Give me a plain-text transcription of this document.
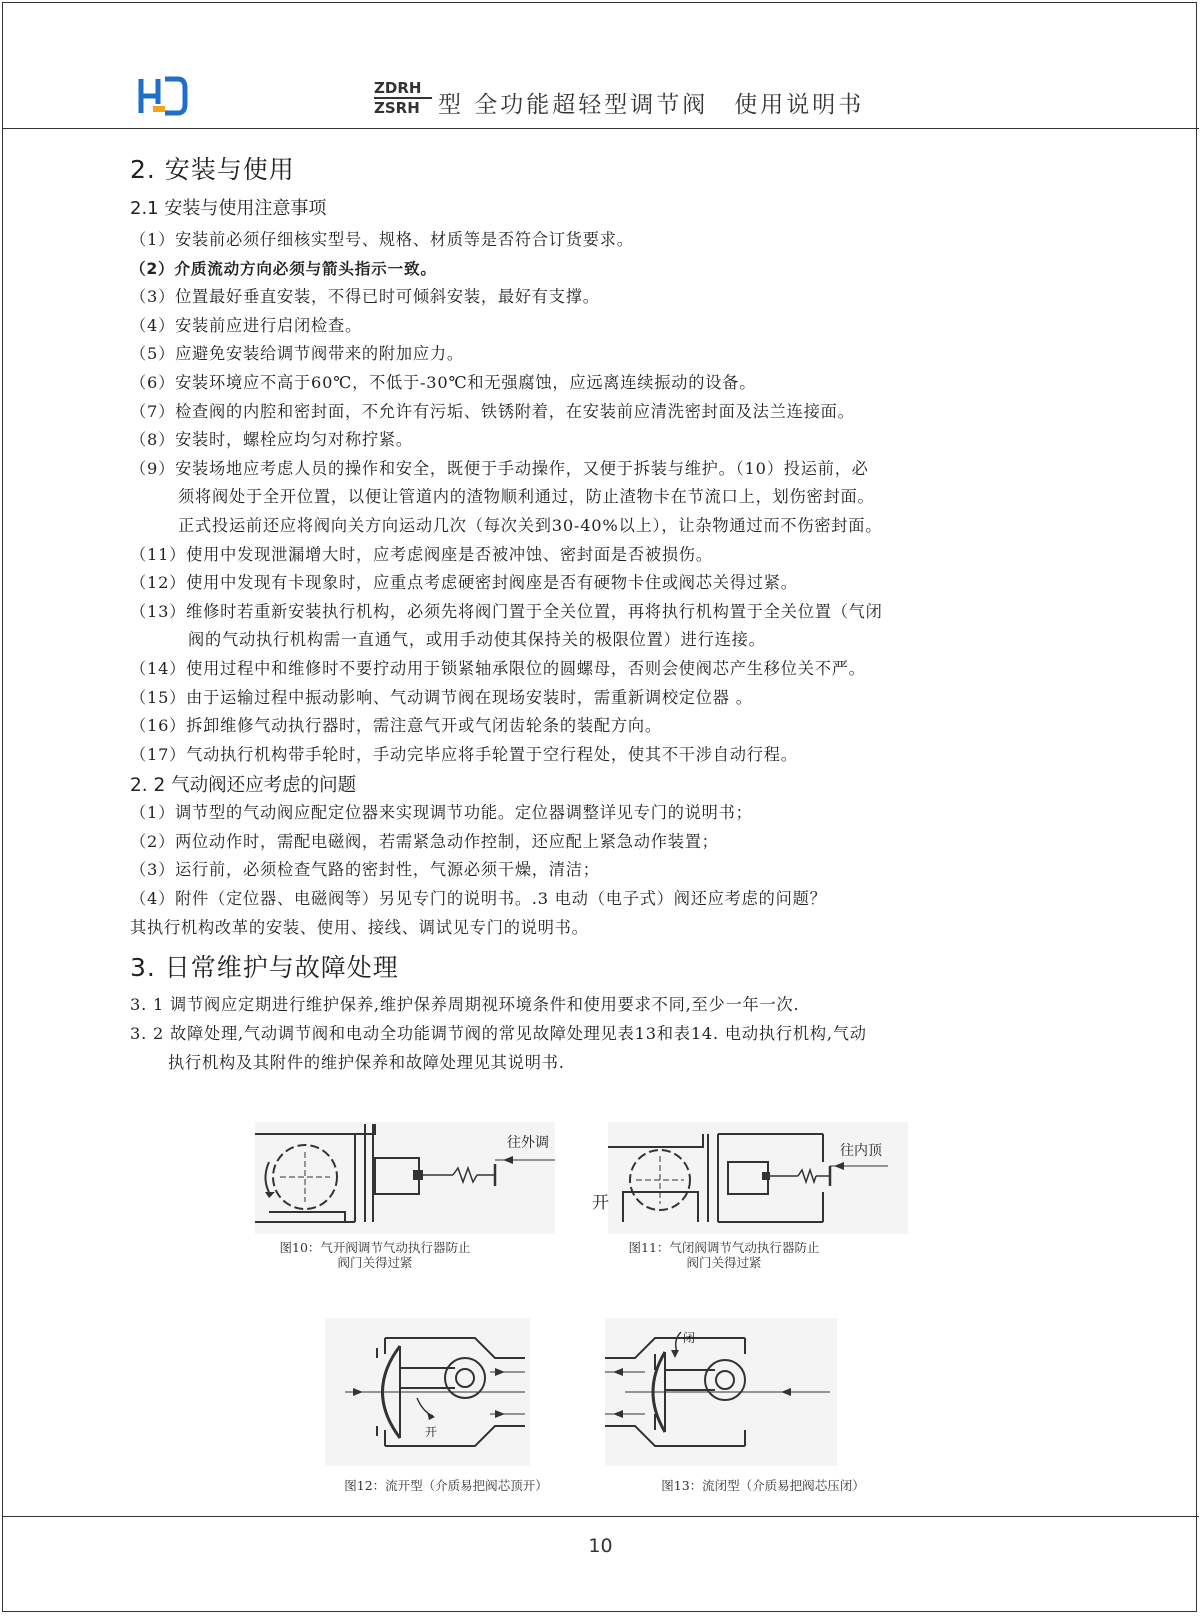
ZDRH
ZSRH 型 全功能超轻型调节阀　使用说明书

2. 安装与使用

2.1 安装与使用注意事项

（1）安装前必须仔细核实型号、规格、材质等是否符合订货要求。

（2）介质流动方向必须与箭头指示一致。

（3）位置最好垂直安装，不得已时可倾斜安装，最好有支撑。

（4）安装前应进行启闭检查。

（5）应避免安装给调节阀带来的附加应力。

（6）安装环境应不高于60℃，不低于-30℃和无强腐蚀，应远离连续振动的设备。

（7）检查阀的内腔和密封面，不允许有污垢、铁锈附着，在安装前应清洗密封面及法兰连接面。

（8）安装时，螺栓应均匀对称拧紧。

（9）安装场地应考虑人员的操作和安全，既便于手动操作，又便于拆装与维护。（10）投运前，必

须将阀处于全开位置，以便让管道内的渣物顺利通过，防止渣物卡在节流口上，划伤密封面。

正式投运前还应将阀向关方向运动几次（每次关到30-40%以上），让杂物通过而不伤密封面。

（11）使用中发现泄漏增大时，应考虑阀座是否被冲蚀、密封面是否被损伤。

（12）使用中发现有卡现象时，应重点考虑硬密封阀座是否有硬物卡住或阀芯关得过紧。

（13）维修时若重新安装执行机构，必须先将阀门置于全关位置，再将执行机构置于全关位置（气闭

阀的气动执行机构需一直通气，或用手动使其保持关的极限位置）进行连接。

（14）使用过程中和维修时不要拧动用于锁紧轴承限位的圆螺母，否则会使阀芯产生移位关不严。

（15）由于运输过程中振动影响、气动调节阀在现场安装时，需重新调校定位器 。

（16）拆卸维修气动执行器时，需注意气开或气闭齿轮条的装配方向。

（17）气动执行机构带手轮时，手动完毕应将手轮置于空行程处，使其不干涉自动行程。

2. 2 气动阀还应考虑的问题

（1）调节型的气动阀应配定位器来实现调节功能。定位器调整详见专门的说明书；

（2）两位动作时，需配电磁阀，若需紧急动作控制，还应配上紧急动作装置；

（3）运行前，必须检查气路的密封性，气源必须干燥，清洁；

（4）附件（定位器、电磁阀等）另见专门的说明书。.3 电动（电子式）阀还应考虑的问题？

其执行机构改革的安装、使用、接线、调试见专门的说明书。

3. 日常维护与故障处理

3. 1 调节阀应定期进行维护保养,维护保养周期视环境条件和使用要求不同,至少一年一次.

3. 2 故障处理,气动调节阀和电动全功能调节阀的常见故障处理见表13和表14. 电动执行机构,气动

执行机构及其附件的维护保养和故障处理见其说明书.

往外调
图10：气开阀调节气动执行器防止
阀门关得过紧
往内顶
开
图11：气闭阀调节气动执行器防止
阀门关得过紧
开
图12：流开型（介质易把阀芯顶开）
闭
图13：流闭型（介质易把阀芯压闭）
10
